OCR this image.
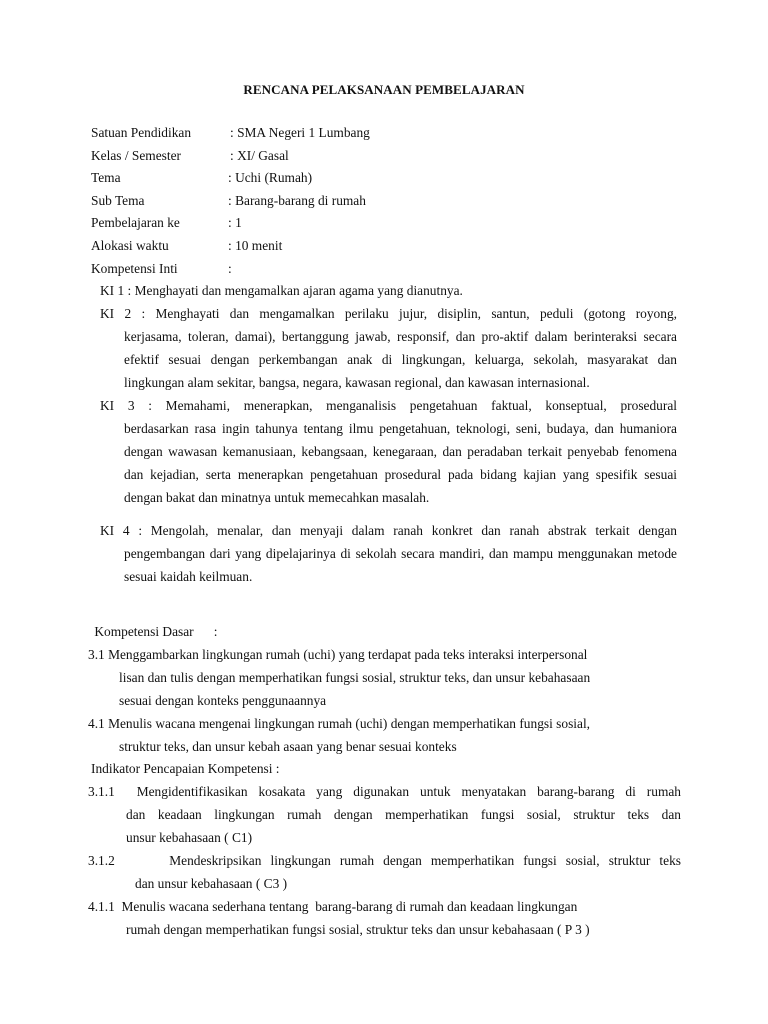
RENCANA PELAKSANAAN PEMBELAJARAN
Satuan Pendidikan	: SMA Negeri 1 Lumbang
Kelas / Semester	: XI/ Gasal
Tema	: Uchi (Rumah)
Sub Tema	: Barang-barang di rumah
Pembelajaran ke	: 1
Alokasi waktu	: 10 menit
Kompetensi Inti	:
KI 1 : Menghayati dan mengamalkan ajaran agama yang dianutnya.
KI 2 : Menghayati dan mengamalkan perilaku jujur, disiplin, santun, peduli (gotong royong,
kerjasama, toleran, damai), bertanggung jawab, responsif, dan pro-aktif dalam berinteraksi secara efektif sesuai dengan perkembangan anak di lingkungan, keluarga, sekolah, masyarakat dan lingkungan alam sekitar, bangsa, negara, kawasan regional, dan kawasan internasional.
KI 3 : Memahami, menerapkan, menganalisis pengetahuan faktual, konseptual, prosedural
berdasarkan rasa ingin tahunya tentang ilmu pengetahuan, teknologi, seni, budaya, dan humaniora dengan wawasan kemanusiaan, kebangsaan, kenegaraan, dan peradaban terkait penyebab fenomena dan kejadian, serta menerapkan pengetahuan prosedural pada bidang kajian yang spesifik sesuai dengan bakat dan minatnya untuk memecahkan masalah.
KI 4 : Mengolah, menalar, dan menyaji dalam ranah konkret dan ranah abstrak terkait dengan
pengembangan dari yang dipelajarinya di sekolah secara mandiri, dan mampu menggunakan metode sesuai kaidah keilmuan.
Kompetensi Dasar      :
3.1 Menggambarkan lingkungan rumah (uchi) yang terdapat pada teks interaksi interpersonal
lisan dan tulis dengan memperhatikan fungsi sosial, struktur teks, dan unsur kebahasaan
sesuai dengan konteks penggunaannya
4.1 Menulis wacana mengenai lingkungan rumah (uchi) dengan memperhatikan fungsi sosial,
struktur teks, dan unsur kebah asaan yang benar sesuai konteks
Indikator Pencapaian Kompetensi :
3.1.1  Mengidentifikasikan kosakata yang digunakan untuk menyatakan barang-barang di rumah
dan keadaan lingkungan rumah dengan memperhatikan fungsi sosial, struktur teks dan
unsur kebahasaan ( C1)
3.1.2      Mendeskripsikan lingkungan rumah dengan memperhatikan fungsi sosial, struktur teks
dan unsur kebahasaan ( C3 )
4.1.1  Menulis wacana sederhana tentang  barang-barang di rumah dan keadaan lingkungan
rumah dengan memperhatikan fungsi sosial, struktur teks dan unsur kebahasaan ( P 3 )
